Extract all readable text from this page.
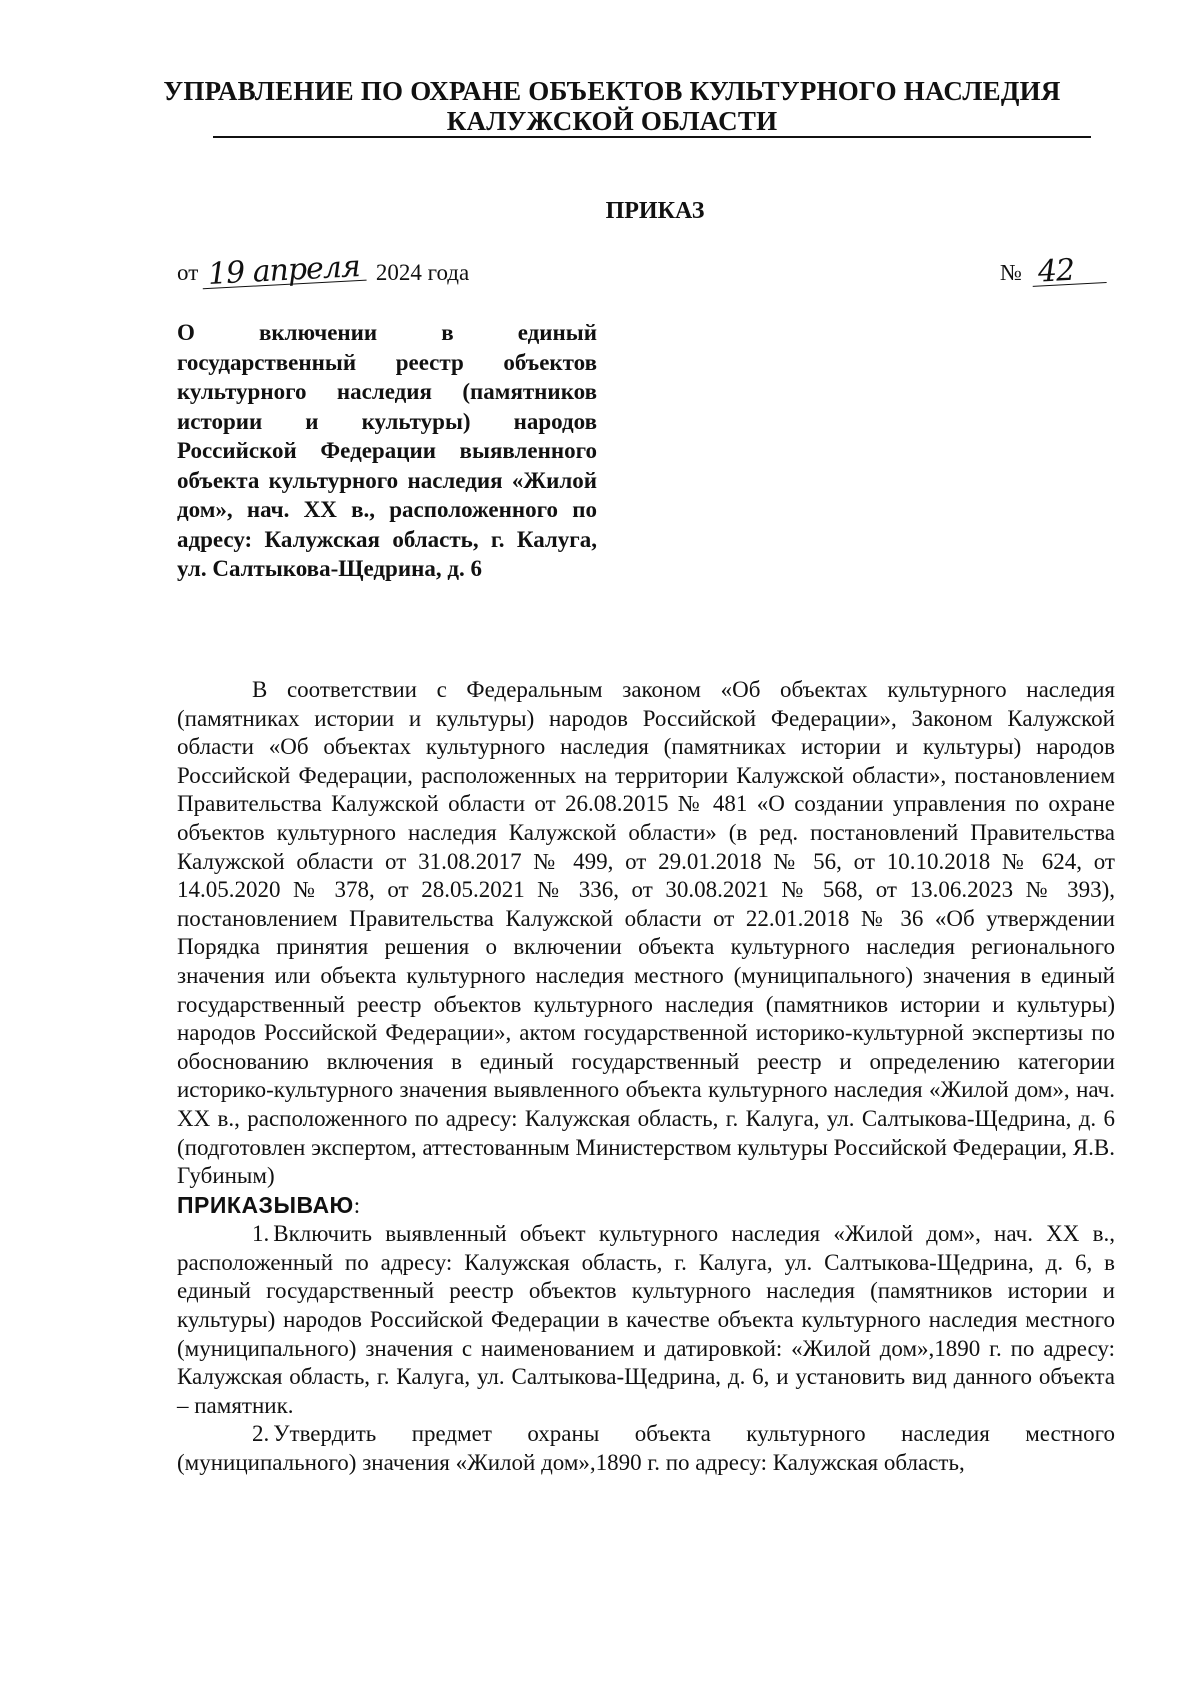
УПРАВЛЕНИЕ ПО ОХРАНЕ ОБЪЕКТОВ КУЛЬТУРНОГО НАСЛЕДИЯ
КАЛУЖСКОЙ ОБЛАСТИ
ПРИКАЗ
от 19 апреля 2024 года	№ 42
О включении в единый государственный реестр объектов культурного наследия (памятников истории и культуры) народов Российской Федерации выявленного объекта культурного наследия «Жилой дом», нач. XX в., расположенного по адресу: Калужская область, г. Калуга, ул. Салтыкова-Щедрина, д. 6

В соответствии с Федеральным законом «Об объектах культурного наследия (памятниках истории и культуры) народов Российской Федерации», Законом Калужской области «Об объектах культурного наследия (памятниках истории и культуры) народов Российской Федерации, расположенных на территории Калужской области», постановлением Правительства Калужской области от 26.08.2015 № 481 «О создании управления по охране объектов культурного наследия Калужской области» (в ред. постановлений Правительства Калужской области от 31.08.2017 № 499, от 29.01.2018 № 56, от 10.10.2018 № 624, от 14.05.2020 № 378, от 28.05.2021 № 336, от 30.08.2021 № 568, от 13.06.2023 № 393), постановлением Правительства Калужской области от 22.01.2018 № 36 «Об утверждении Порядка принятия решения о включении объекта культурного наследия регионального значения или объекта культурного наследия местного (муниципального) значения в единый государственный реестр объектов культурного наследия (памятников истории и культуры) народов Российской Федерации», актом государственной историко-культурной экспертизы по обоснованию включения в единый государственный реестр и определению категории историко-культурного значения выявленного объекта культурного наследия «Жилой дом», нач. XX в., расположенного по адресу: Калужская область, г. Калуга, ул. Салтыкова-Щедрина, д. 6 (подготовлен экспертом, аттестованным Министерством культуры Российской Федерации, Я.В. Губиным)

ПРИКАЗЫВАЮ:

1. Включить выявленный объект культурного наследия «Жилой дом», нач. XX в., расположенный по адресу: Калужская область, г. Калуга, ул. Салтыкова-Щедрина, д. 6, в единый государственный реестр объектов культурного наследия (памятников истории и культуры) народов Российской Федерации в качестве объекта культурного наследия местного (муниципального) значения с наименованием и датировкой: «Жилой дом»,1890 г. по адресу: Калужская область, г. Калуга, ул. Салтыкова-Щедрина, д. 6, и установить вид данного объекта – памятник.

2. Утвердить предмет охраны объекта культурного наследия местного (муниципального) значения «Жилой дом»,1890 г. по адресу: Калужская область,
